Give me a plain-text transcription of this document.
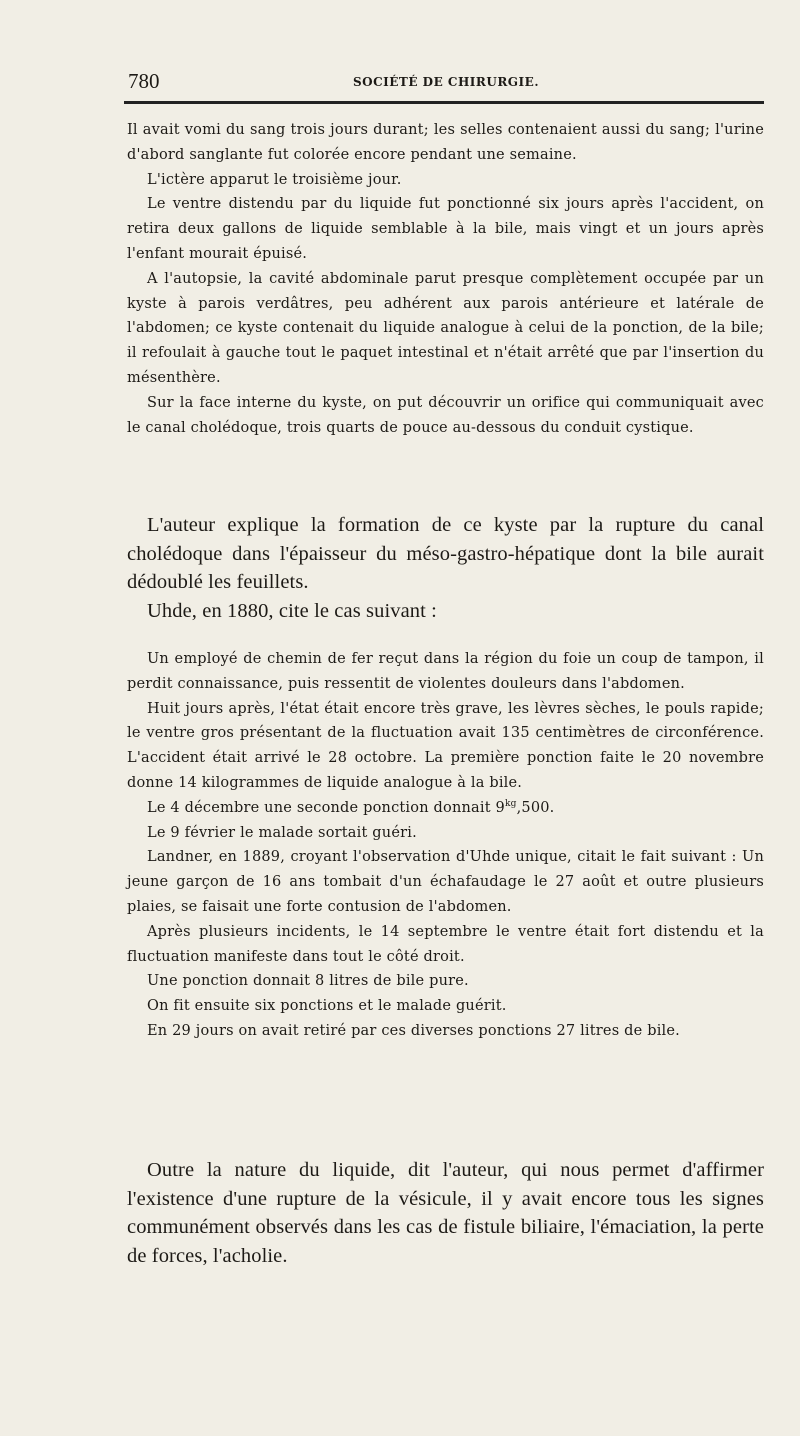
780	SOCIÉTÉ DE CHIRURGIE.

Il avait vomi du sang trois jours durant; les selles contenaient aussi du sang; l'urine d'abord sanglante fut colorée encore pendant une semaine.

L'ictère apparut le troisième jour.

Le ventre distendu par du liquide fut ponctionné six jours après l'accident, on retira deux gallons de liquide semblable à la bile, mais vingt et un jours après l'enfant mourait épuisé.

A l'autopsie, la cavité abdominale parut presque complètement occupée par un kyste à parois verdâtres, peu adhérent aux parois antérieure et latérale de l'abdomen; ce kyste contenait du liquide analogue à celui de la ponction, de la bile; il refoulait à gauche tout le paquet intestinal et n'était arrêté que par l'insertion du mésenthère.

Sur la face interne du kyste, on put découvrir un orifice qui communiquait avec le canal cholédoque, trois quarts de pouce au-dessous du conduit cystique.

L'auteur explique la formation de ce kyste par la rupture du canal cholédoque dans l'épaisseur du méso-gastro-hépatique dont la bile aurait dédoublé les feuillets.

Uhde, en 1880, cite le cas suivant :

Un employé de chemin de fer reçut dans la région du foie un coup de tampon, il perdit connaissance, puis ressentit de violentes douleurs dans l'abdomen.

Huit jours après, l'état était encore très grave, les lèvres sèches, le pouls rapide; le ventre gros présentant de la fluctuation avait 135 centimètres de circonférence. L'accident était arrivé le 28 octobre. La première ponction faite le 20 novembre donne 14 kilogrammes de liquide analogue à la bile.

Le 4 décembre une seconde ponction donnait $9^{kg},500$.

Le 9 février le malade sortait guéri.

Landner, en 1889, croyant l'observation d'Uhde unique, citait le fait suivant : Un jeune garçon de 16 ans tombait d'un échafaudage le 27 août et outre plusieurs plaies, se faisait une forte contusion de l'abdomen.

Après plusieurs incidents, le 14 septembre le ventre était fort distendu et la fluctuation manifeste dans tout le côté droit.

Une ponction donnait 8 litres de bile pure.

On fit ensuite six ponctions et le malade guérit.

En 29 jours on avait retiré par ces diverses ponctions 27 litres de bile.

Outre la nature du liquide, dit l'auteur, qui nous permet d'affirmer l'existence d'une rupture de la vésicule, il y avait encore tous les signes communément observés dans les cas de fistule biliaire, l'émaciation, la perte de forces, l'acholie.
